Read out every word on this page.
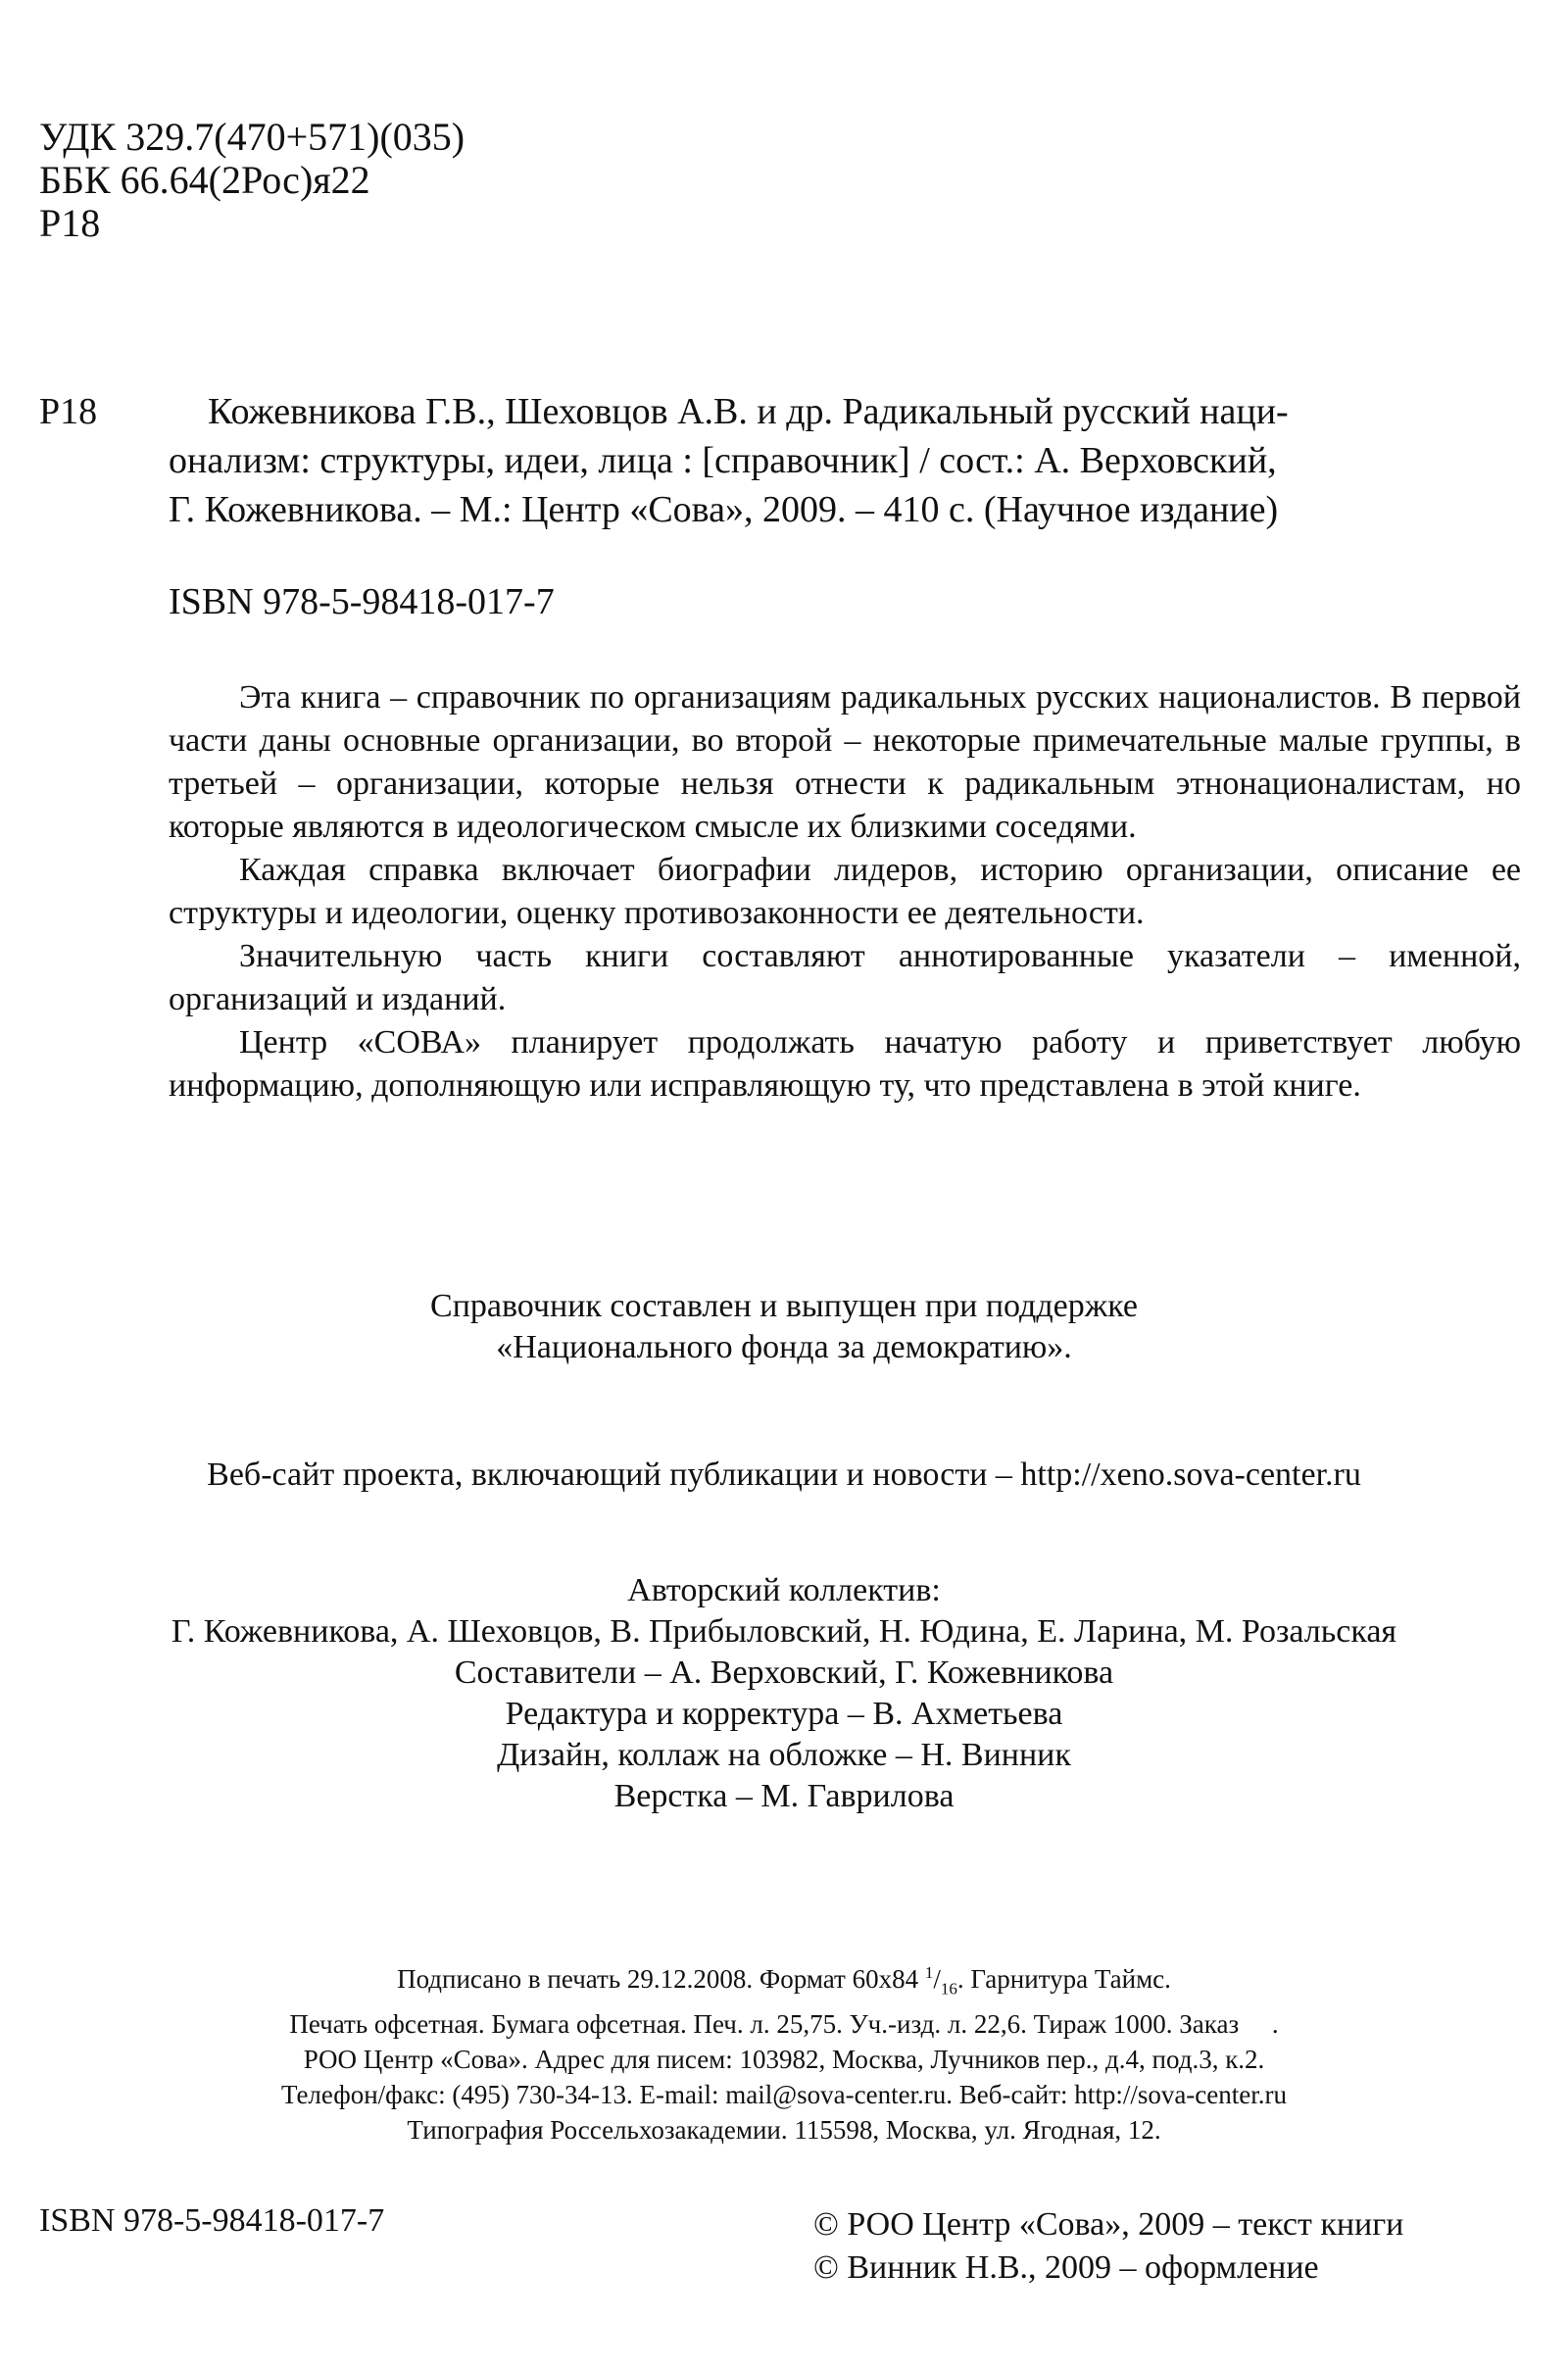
УДК 329.7(470+571)(035)
ББК 66.64(2Рос)я22
Р18
Р18	Кожевникова Г.В., Шеховцов А.В. и др. Радикальный русский наци-
онализм: структуры, идеи, лица : [справочник] / сост.: А. Верховский,
Г. Кожевникова. – М.: Центр «Сова», 2009. – 410 с. (Научное издание)
ISBN 978-5-98418-017-7

Эта книга – справочник по организациям радикальных русских националистов. В первой части даны основные организации, во второй – некоторые примечательные малые группы, в третьей – организации, которые нельзя отнести к радикальным этнонационалистам, но которые являются в идеологическом смысле их близкими соседями.

Каждая справка включает биографии лидеров, историю организации, описание ее структуры и идеологии, оценку противозаконности ее деятельности.

Значительную часть книги составляют аннотированные указатели – именной, организаций и изданий.

Центр «СОВА» планирует продолжать начатую работу и приветствует любую информацию, дополняющую или исправляющую ту, что представлена в этой книге.

Справочник составлен и выпущен при поддержке
«Национального фонда за демократию».
Веб-сайт проекта, включающий публикации и новости – http://xeno.sova-center.ru
Авторский коллектив:
Г. Кожевникова, А. Шеховцов, В. Прибыловский, Н. Юдина, Е. Ларина, М. Розальская
Составители – А. Верховский, Г. Кожевникова
Редактура и корректура – В. Ахметьева
Дизайн, коллаж на обложке – Н. Винник
Верстка – М. Гаврилова
Подписано в печать 29.12.2008. Формат 60х84 $^1/_{16}$. Гарнитура Таймс.
Печать офсетная. Бумага офсетная. Печ. л. 25,75. Уч.-изд. л. 22,6. Тираж 1000. Заказ     .
РОО Центр «Сова». Адрес для писем: 103982, Москва, Лучников пер., д.4, под.3, к.2.
Телефон/факс: (495) 730-34-13. E-mail: mail@sova-center.ru. Веб-сайт: http://sova-center.ru
Типография Россельхозакадемии. 115598, Москва, ул. Ягодная, 12.
ISBN 978-5-98418-017-7	© РОО Центр «Сова», 2009 – текст книги
© Винник Н.В., 2009 – оформление
